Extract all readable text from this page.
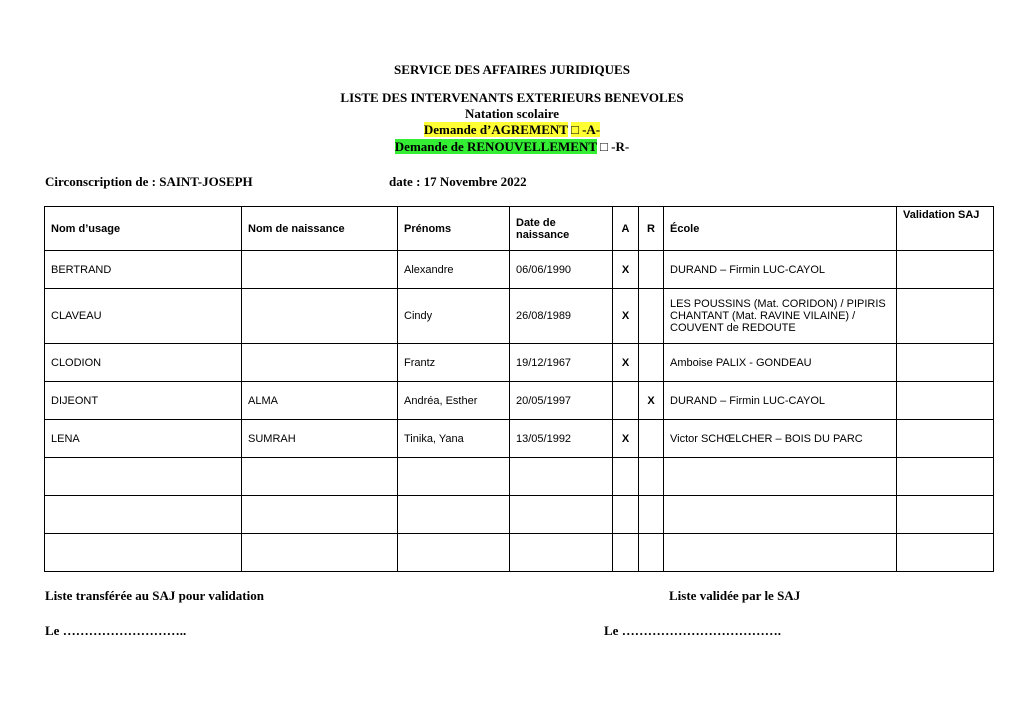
SERVICE DES AFFAIRES JURIDIQUES
LISTE DES INTERVENANTS EXTERIEURS BENEVOLES
Natation scolaire
Demande d’AGREMENT □ -A-
Demande de RENOUVELLEMENT □ -R-
Circonscription de : SAINT-JOSEPH	date : 17 Novembre 2022
Nom d’usage	Nom de naissance	Prénoms	Date de naissance	A	R	École	Validation SAJ
BERTRAND		Alexandre	06/06/1990	X		DURAND – Firmin LUC-CAYOL	
CLAVEAU		Cindy	26/08/1989	X		LES POUSSINS (Mat. CORIDON) / PIPIRIS CHANTANT (Mat. RAVINE VILAINE) / COUVENT de REDOUTE	
CLODION		Frantz	19/12/1967	X		Amboise PALIX - GONDEAU	
DIJEONT	ALMA	Andréa, Esther	20/05/1997		X	DURAND – Firmin LUC-CAYOL	
LENA	SUMRAH	Tinika, Yana	13/05/1992	X		Victor SCHŒLCHER – BOIS DU PARC	

Liste transférée au SAJ pour validation	Liste validée par le SAJ
Le ………………………..	Le ……………………………….
